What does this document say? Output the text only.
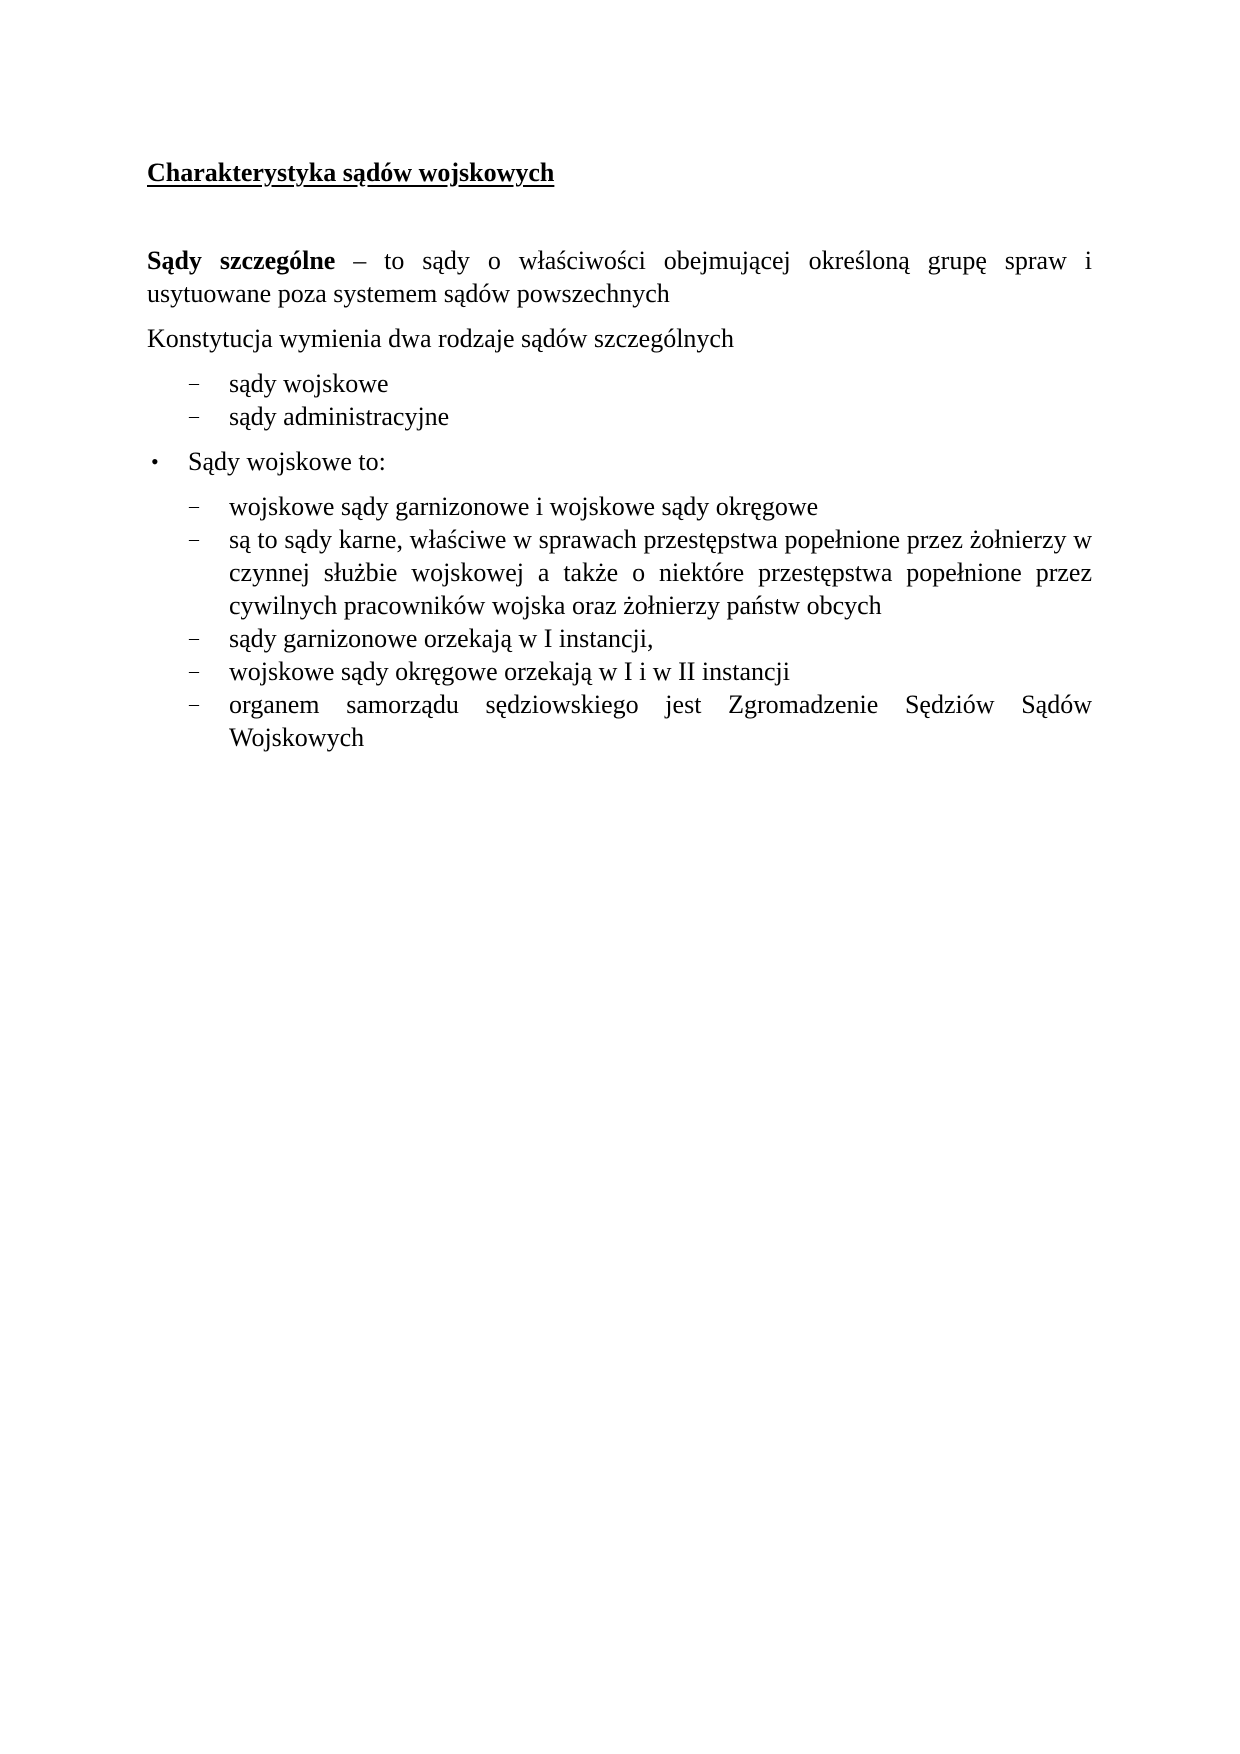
Charakterystyka sądów wojskowych

Sądy szczególne – to sądy o właściwości obejmującej określoną grupę spraw i usytuowane poza systemem sądów powszechnych

Konstytucja wymienia dwa rodzaje sądów szczególnych

– sądy wojskowe
– sądy administracyjne
• Sądy wojskowe to:
– wojskowe sądy garnizonowe i wojskowe sądy okręgowe
– są to sądy karne, właściwe w sprawach przestępstwa popełnione przez żołnierzy w czynnej służbie wojskowej a także o niektóre przestępstwa popełnione przez cywilnych pracowników wojska oraz żołnierzy państw obcych
– sądy garnizonowe orzekają w I instancji,
– wojskowe sądy okręgowe orzekają w I i w II instancji
– organem samorządu sędziowskiego jest Zgromadzenie Sędziów Sądów Wojskowych
